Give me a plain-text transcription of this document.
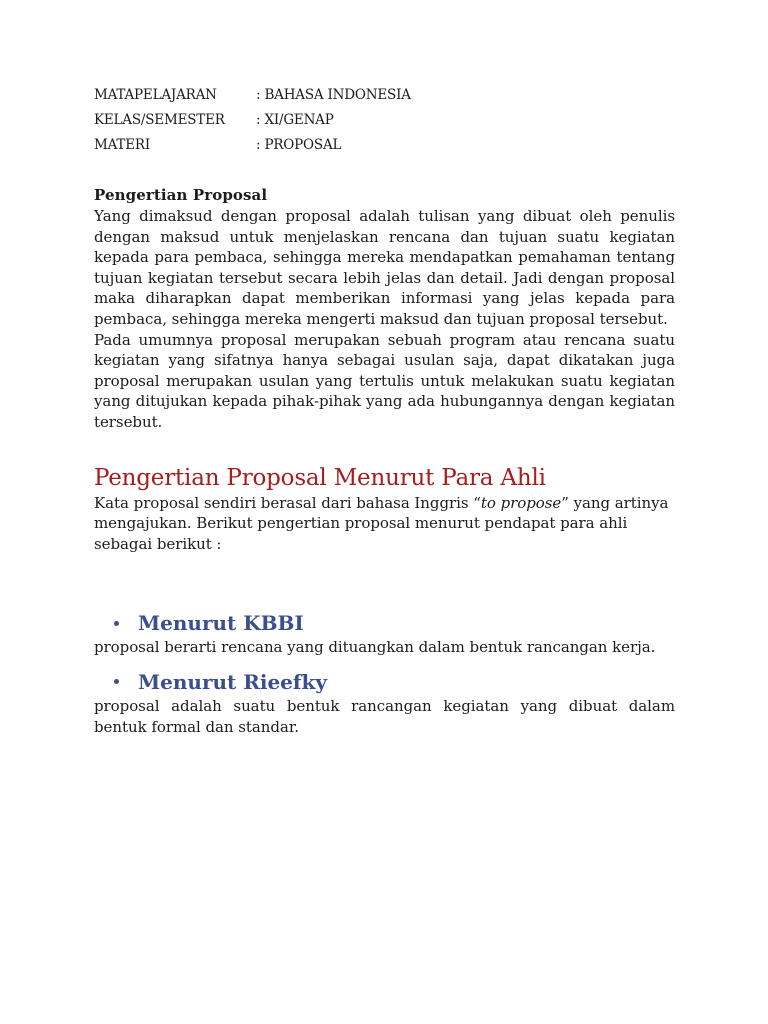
MATAPELAJARAN	: BAHASA INDONESIA
KELAS/SEMESTER	: XI/GENAP
MATERI	: PROPOSAL
Pengertian Proposal

Yang dimaksud dengan proposal adalah tulisan yang dibuat oleh penulis dengan maksud untuk menjelaskan rencana dan tujuan suatu kegiatan kepada para pembaca, sehingga mereka mendapatkan pemahaman tentang tujuan kegiatan tersebut secara lebih jelas dan detail. Jadi dengan proposal maka diharapkan dapat memberikan informasi yang jelas kepada para pembaca, sehingga mereka mengerti maksud dan tujuan proposal tersebut.

Pada umumnya proposal merupakan sebuah program atau rencana suatu kegiatan yang sifatnya hanya sebagai usulan saja, dapat dikatakan juga proposal merupakan usulan yang tertulis untuk melakukan suatu kegiatan yang ditujukan kepada pihak-pihak yang ada hubungannya dengan kegiatan tersebut.

Pengertian Proposal Menurut Para Ahli

Kata proposal sendiri berasal dari bahasa Inggris “to propose” yang artinya mengajukan. Berikut pengertian proposal menurut pendapat para ahli sebagai berikut :

Menurut KBBI

proposal berarti rencana yang dituangkan dalam bentuk rancangan kerja.

Menurut Rieefky

proposal adalah suatu bentuk rancangan kegiatan yang dibuat dalam bentuk formal dan standar.
